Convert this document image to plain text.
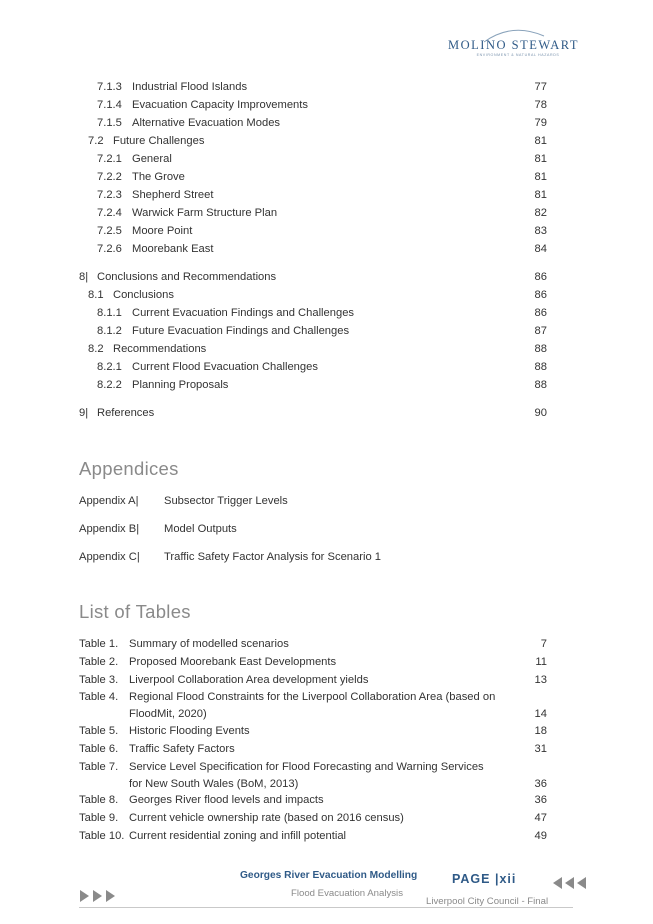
MOLINO STEWART
ENVIRONMENT & NATURAL HAZARDS
7.1.3 Industrial Flood Islands	77
7.1.4 Evacuation Capacity Improvements	78
7.1.5 Alternative Evacuation Modes	79
7.2 Future Challenges	81
7.2.1 General	81
7.2.2 The Grove	81
7.2.3 Shepherd Street	81
7.2.4 Warwick Farm Structure Plan	82
7.2.5 Moore Point	83
7.2.6 Moorebank East	84
8| Conclusions and Recommendations	86
8.1 Conclusions	86
8.1.1 Current Evacuation Findings and Challenges	86
8.1.2 Future Evacuation Findings and Challenges	87
8.2 Recommendations	88
8.2.1 Current Flood Evacuation Challenges	88
8.2.2 Planning Proposals	88
9| References	90
Appendices
Appendix A| Subsector Trigger Levels
Appendix B| Model Outputs
Appendix C| Traffic Safety Factor Analysis for Scenario 1
List of Tables
Table 1. Summary of modelled scenarios	7
Table 2. Proposed Moorebank East Developments	11
Table 3. Liverpool Collaboration Area development yields	13
Table 4. Regional Flood Constraints for the Liverpool Collaboration Area (based on FloodMit, 2020)	14
Table 5. Historic Flooding Events	18
Table 6. Traffic Safety Factors	31
Table 7. Service Level Specification for Flood Forecasting and Warning Services for New South Wales (BoM, 2013)	36
Table 8. Georges River flood levels and impacts	36
Table 9. Current vehicle ownership rate (based on 2016 census)	47
Table 10. Current residential zoning and infill potential	49
Georges River Evacuation Modelling
Flood Evacuation Analysis
PAGE |xii
Liverpool City Council - Final
